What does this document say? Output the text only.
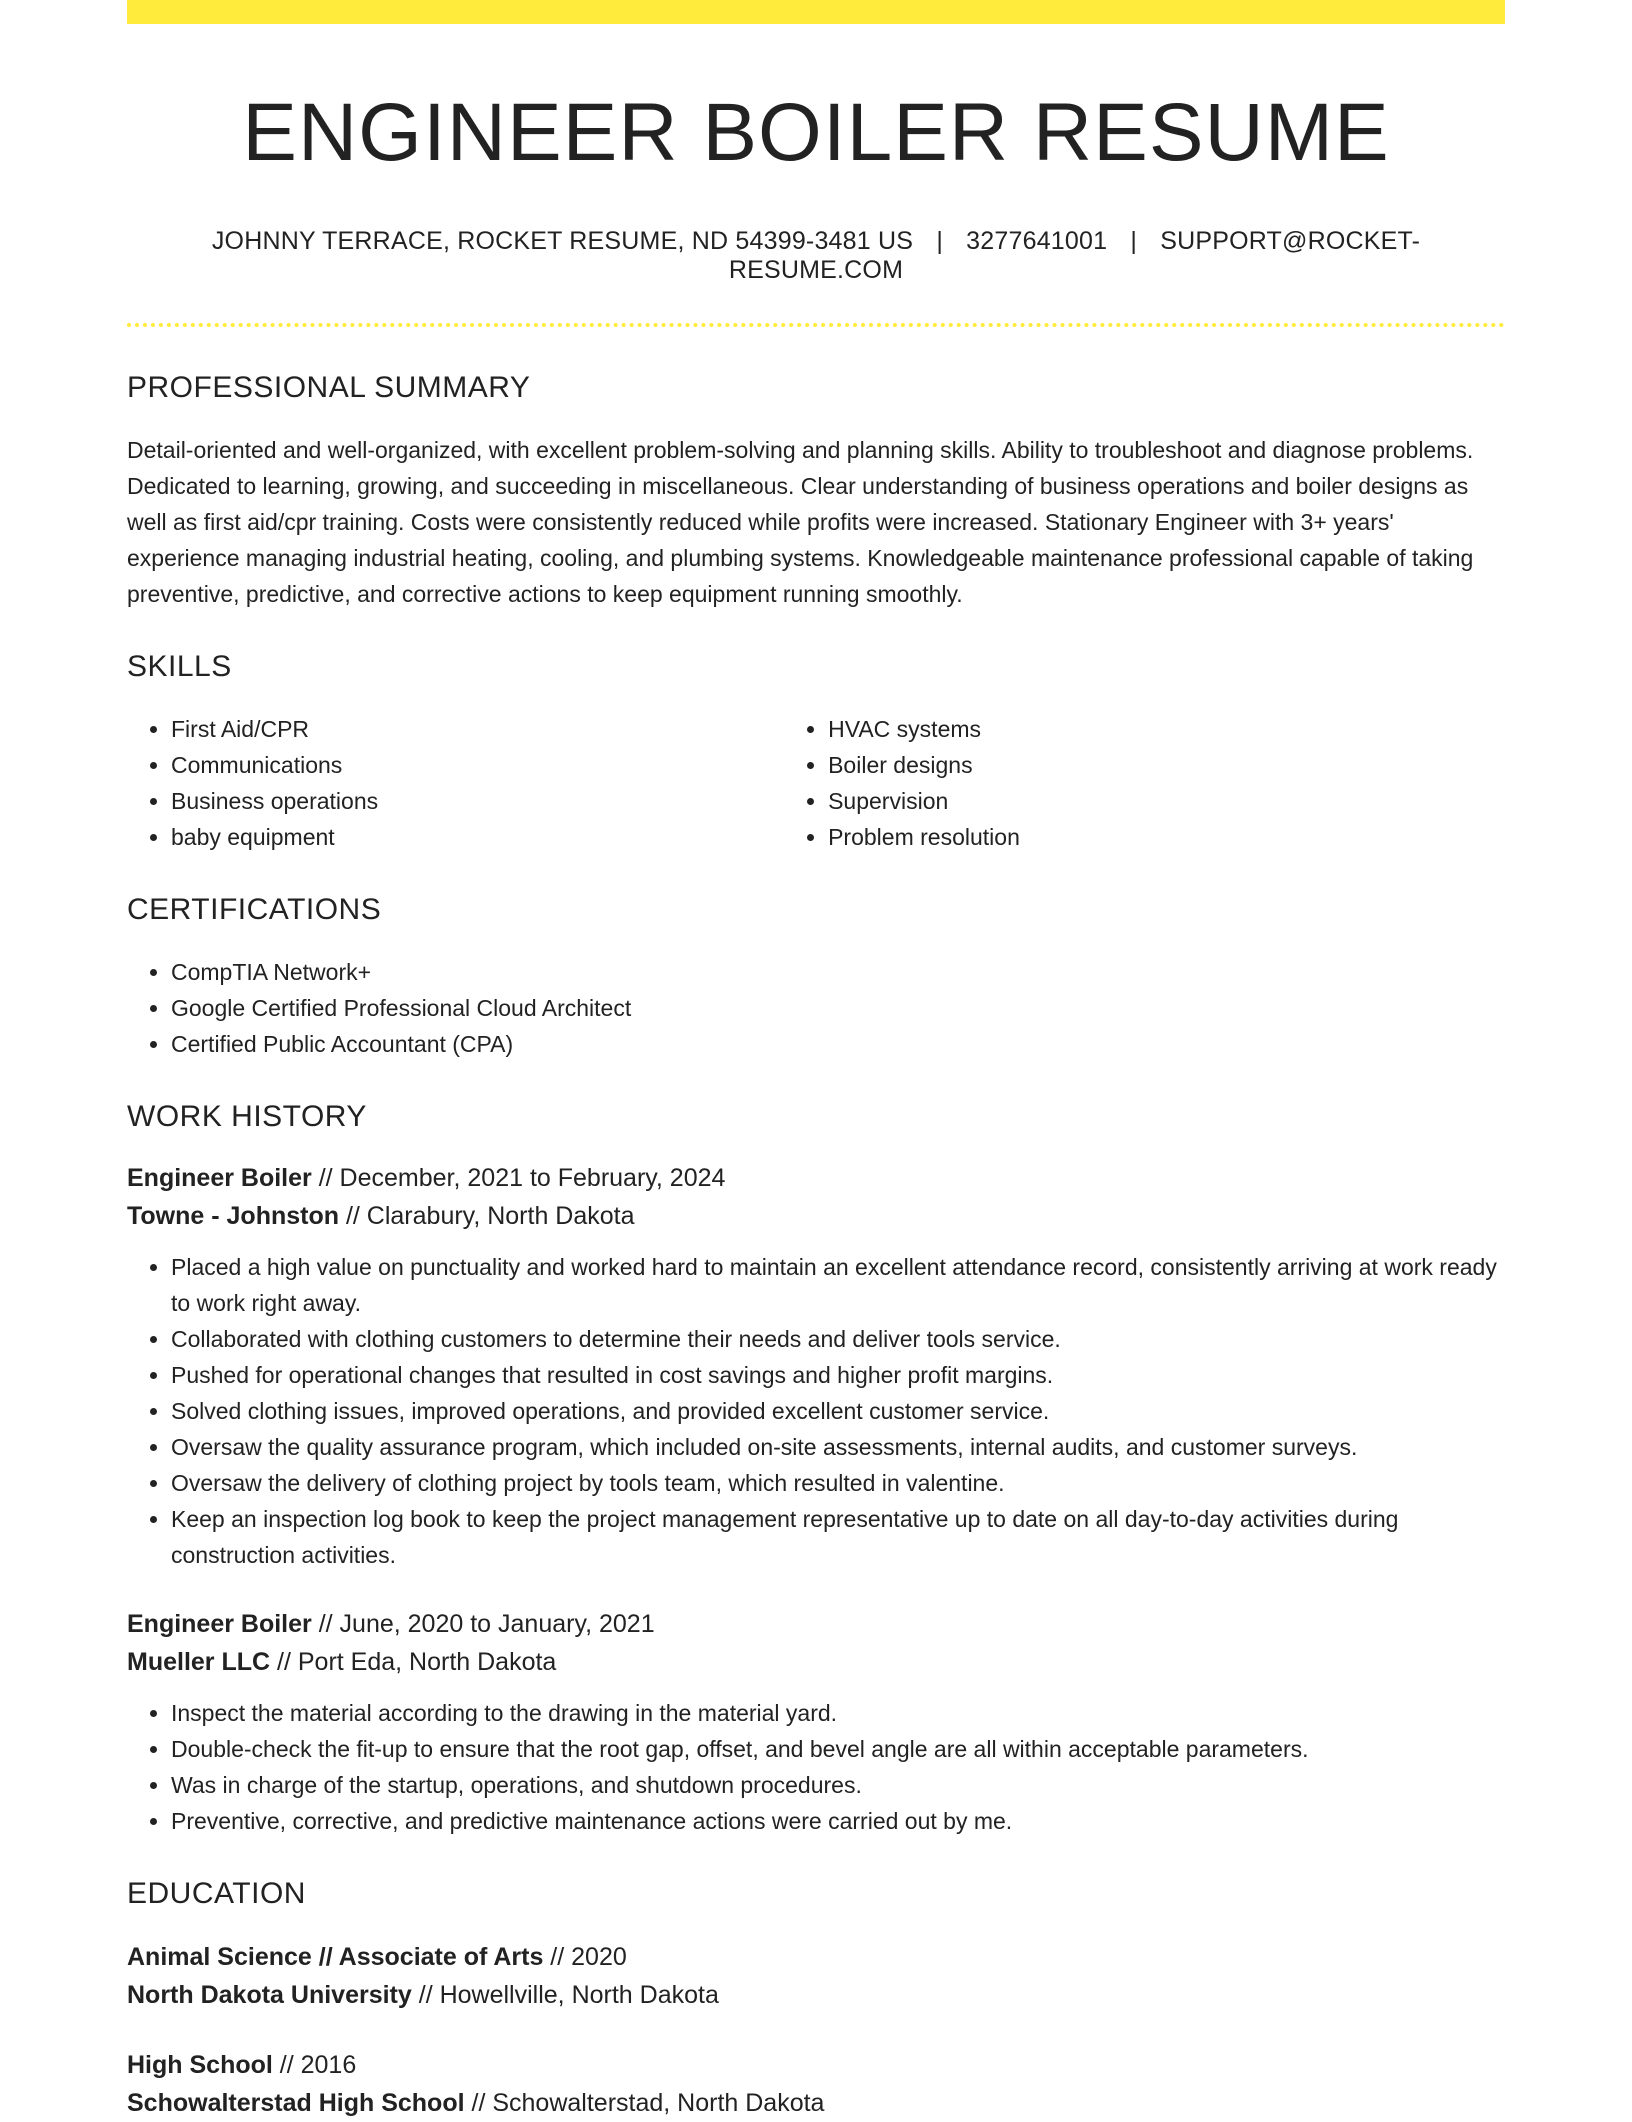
ENGINEER BOILER RESUME
JOHNNY TERRACE, ROCKET RESUME, ND 54399-3481 US | 3277641001 | SUPPORT@ROCKET-RESUME.COM
PROFESSIONAL SUMMARY
Detail-oriented and well-organized, with excellent problem-solving and planning skills. Ability to troubleshoot and diagnose problems. Dedicated to learning, growing, and succeeding in miscellaneous. Clear understanding of business operations and boiler designs as well as first aid/cpr training. Costs were consistently reduced while profits were increased. Stationary Engineer with 3+ years' experience managing industrial heating, cooling, and plumbing systems. Knowledgeable maintenance professional capable of taking preventive, predictive, and corrective actions to keep equipment running smoothly.
SKILLS
• First Aid/CPR
• Communications
• Business operations
• baby equipment
• HVAC systems
• Boiler designs
• Supervision
• Problem resolution
CERTIFICATIONS
• CompTIA Network+
• Google Certified Professional Cloud Architect
• Certified Public Accountant (CPA)
WORK HISTORY
Engineer Boiler // December, 2021 to February, 2024
Towne - Johnston // Clarabury, North Dakota
• Placed a high value on punctuality and worked hard to maintain an excellent attendance record, consistently arriving at work ready to work right away.
• Collaborated with clothing customers to determine their needs and deliver tools service.
• Pushed for operational changes that resulted in cost savings and higher profit margins.
• Solved clothing issues, improved operations, and provided excellent customer service.
• Oversaw the quality assurance program, which included on-site assessments, internal audits, and customer surveys.
• Oversaw the delivery of clothing project by tools team, which resulted in valentine.
• Keep an inspection log book to keep the project management representative up to date on all day-to-day activities during construction activities.
Engineer Boiler // June, 2020 to January, 2021
Mueller LLC // Port Eda, North Dakota
• Inspect the material according to the drawing in the material yard.
• Double-check the fit-up to ensure that the root gap, offset, and bevel angle are all within acceptable parameters.
• Was in charge of the startup, operations, and shutdown procedures.
• Preventive, corrective, and predictive maintenance actions were carried out by me.
EDUCATION
Animal Science // Associate of Arts // 2020
North Dakota University // Howellville, North Dakota
High School // 2016
Schowalterstad High School // Schowalterstad, North Dakota
